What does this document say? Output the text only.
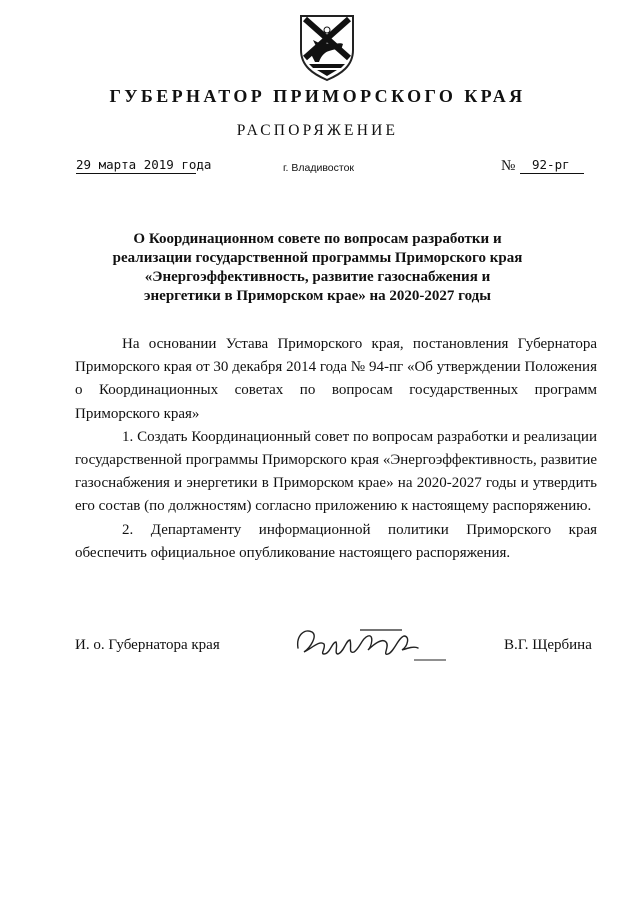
ГУБЕРНАТОР ПРИМОРСКОГО КРАЯ
РАСПОРЯЖЕНИЕ
29 марта 2019 года	г. Владивосток	№	92-рг
О Координационном совете по вопросам разработки и реализации государственной программы Приморского края «Энергоэффективность, развитие газоснабжения и энергетики в Приморском крае» на 2020-2027 годы

На основании Устава Приморского края, постановления Губернатора Приморского края от 30 декабря 2014 года № 94-пг «Об утверждении Положения о Координационных советах по вопросам государственных программ Приморского края»

1. Создать Координационный совет по вопросам разработки и реализации государственной программы Приморского края «Энергоэффективность, развитие газоснабжения и энергетики в Приморском крае» на 2020-2027 годы и утвердить его состав (по должностям) согласно приложению к настоящему распоряжению.

2. Департаменту информационной политики Приморского края обеспечить официальное опубликование настоящего распоряжения.

И. о. Губернатора края	В.Г. Щербина
